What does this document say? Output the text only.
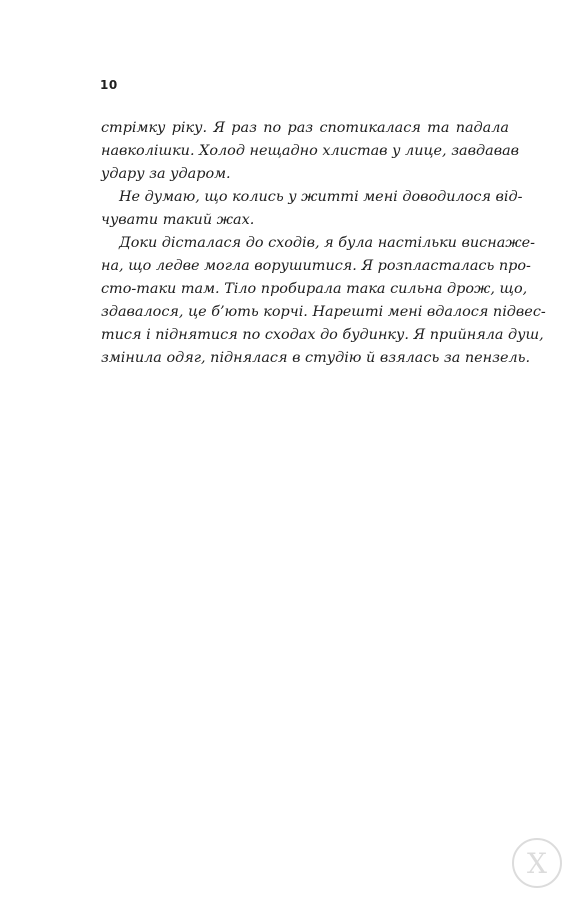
10
стрімку ріку. Я раз по раз спотикалася та падала
навколішки. Холод нещадно хлистав у лице, завдавав
удару за ударом.
Не думаю, що колись у житті мені доводилося від-
чувати такий жах.
Доки дісталася до сходів, я була настільки виснаже-
на, що ледве могла ворушитися. Я розпласталась про-
сто-таки там. Тіло пробирала така сильна дрож, що,
здавалося, це б’ють корчі. Нарешті мені вдалося підвес-
тися і піднятися по сходах до будинку. Я прийняла душ,
змінила одяг, піднялася в студію й взялась за пензель.
X
